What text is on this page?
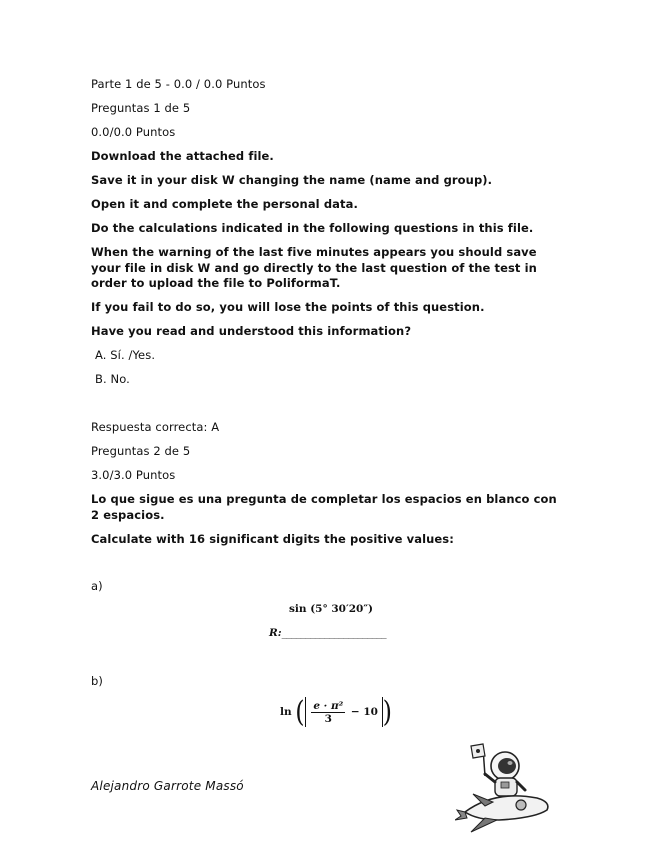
Parte 1 de 5 - 0.0 / 0.0 Puntos
Preguntas 1 de 5
0.0/0.0 Puntos
Download the attached file.
Save it in your disk W changing the name (name and group).
Open it and complete the personal data.
Do the calculations indicated in the following questions in this file.
When the warning of the last five minutes appears you should save your file in disk W and go directly to the last question of the test in order to upload the file to PoliformaT.
If you fail to do so, you will lose the points of this question.
Have you read and understood this information?
A. Sí. /Yes.
B. No.
Respuesta correcta: A
Preguntas 2 de 5
3.0/3.0 Puntos
Lo que sigue es una pregunta de completar los espacios en blanco con 2 espacios.
Calculate with 16 significant digits the positive values:
a)
sin (5° 30′20″)
R:______________________
b)
ln ( $\frac{\text{e · π²}}{3} - 10$ )
Alejandro Garrote Massó
